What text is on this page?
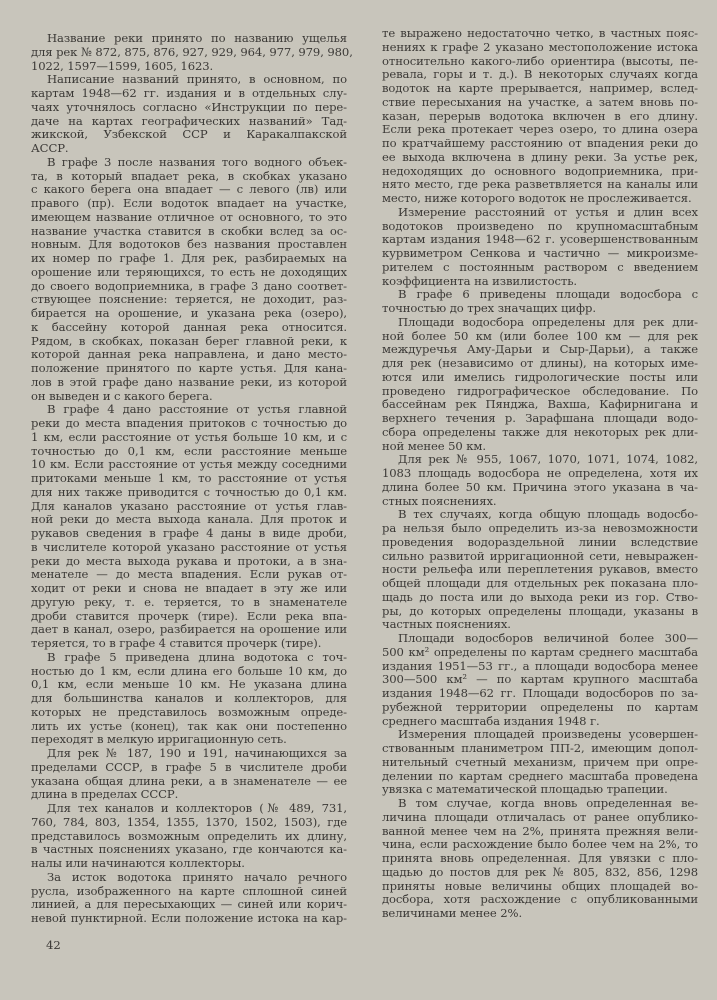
Название реки принято по названию ущелья
для рек № 872, 875, 876, 927, 929, 964, 977, 979, 980,
1022, 1597—1599, 1605, 1623.
Написание названий принято, в основном, по
картам 1948—62 гг. издания и в отдельных слу-
чаях уточнялось согласно «Инструкции по пере-
даче на картах географических названий» Тад-
жикской, Узбекской ССР и Каракалпакской
АССР.
В графе 3 после названия того водного объек-
та, в который впадает река, в скобках указано
с какого берега она впадает — с левого (лв) или
правого (пр). Если водоток впадает на участке,
имеющем название отличное от основного, то это
название участка ставится в скобки вслед за ос-
новным. Для водотоков без названия проставлен
их номер по графе 1. Для рек, разбираемых на
орошение или теряющихся, то есть не доходящих
до своего водоприемника, в графе 3 дано соответ-
ствующее пояснение: теряется, не доходит, раз-
бирается на орошение, и указана река (озеро),
к бассейну которой данная река относится.
Рядом, в скобках, показан берег главной реки, к
которой данная река направлена, и дано место-
положение принятого по карте устья. Для кана-
лов в этой графе дано название реки, из которой
он выведен и с какого берега.
В графе 4 дано расстояние от устья главной
реки до места впадения притоков с точностью до
1 км, если расстояние от устья больше 10 км, и с
точностью до 0,1 км, если расстояние меньше
10 км. Если расстояние от устья между соседними
притоками меньше 1 км, то расстояние от устья
для них также приводится с точностью до 0,1 км.
Для каналов указано расстояние от устья глав-
ной реки до места выхода канала. Для проток и
рукавов сведения в графе 4 даны в виде дроби,
в числителе которой указано расстояние от устья
реки до места выхода рукава и протоки, а в зна-
менателе — до места впадения. Если рукав от-
ходит от реки и снова не впадает в эту же или
другую реку, т. е. теряется, то в знаменателе
дроби ставится прочерк (тире). Если река впа-
дает в канал, озеро, разбирается на орошение или
теряется, то в графе 4 ставится прочерк (тире).
В графе 5 приведена длина водотока с точ-
ностью до 1 км, если длина его больше 10 км, до
0,1 км, если меньше 10 км. Не указана длина
для большинства каналов и коллекторов, для
которых не представилось возможным опреде-
лить их устье (конец), так как они постепенно
переходят в мелкую ирригационную сеть.
Для рек № 187, 190 и 191, начинающихся за
пределами СССР, в графе 5 в числителе дроби
указана общая длина реки, а в знаменателе — ее
длина в пределах СССР.
Для тех каналов и коллекторов (№ 489, 731,
760, 784, 803, 1354, 1355, 1370, 1502, 1503), где
представилось возможным определить их длину,
в частных пояснениях указано, где кончаются ка-
налы или начинаются коллекторы.
За исток водотока принято начало речного
русла, изображенного на карте сплошной синей
линией, а для пересыхающих — синей или корич-
невой пунктирной. Если положение истока на кар-
те выражено недостаточно четко, в частных пояс-
нениях к графе 2 указано местоположение истока
относительно какого-либо ориентира (высоты, пе-
ревала, горы и т. д.). В некоторых случаях когда
водоток на карте прерывается, например, вслед-
ствие пересыхания на участке, а затем вновь по-
казан, перерыв водотока включен в его длину.
Если река протекает через озеро, то длина озера
по кратчайшему расстоянию от впадения реки до
ее выхода включена в длину реки. За устье рек,
недоходящих до основного водоприемника, при-
нято место, где река разветвляется на каналы или
место, ниже которого водоток не прослеживается.
Измерение расстояний от устья и длин всех
водотоков произведено по крупномасштабным
картам издания 1948—62 г. усовершенствованным
курвиметром Сенкова и частично — микроизме-
рителем с постоянным раствором с введением
коэффициента на извилистость.
В графе 6 приведены площади водосбора с
точностью до трех значащих цифр.
Площади водосбора определены для рек дли-
ной более 50 км (или более 100 км — для рек
междуречья Аму-Дарьи и Сыр-Дарьи), а также
для рек (независимо от длины), на которых име-
ются или имелись гидрологические посты или
проведено гидрографическое обследование. По
бассейнам рек Пянджа, Вахша, Кафирнигана и
верхнего течения р. Зарафшана площади водо-
сбора определены также для некоторых рек дли-
ной менее 50 км.
Для рек № 955, 1067, 1070, 1071, 1074, 1082,
1083 площадь водосбора не определена, хотя их
длина более 50 км. Причина этого указана в ча-
стных пояснениях.
В тех случаях, когда общую площадь водосбо-
ра нельзя было определить из-за невозможности
проведения водораздельной линии вследствие
сильно развитой ирригационной сети, невыражен-
ности рельефа или переплетения рукавов, вместо
общей площади для отдельных рек показана пло-
щадь до поста или до выхода реки из гор. Ство-
ры, до которых определены площади, указаны в
частных пояснениях.
Площади водосборов величиной более 300—
500 км² определены по картам среднего масштаба
издания 1951—53 гг., а площади водосбора менее
300—500 км² — по картам крупного масштаба
издания 1948—62 гг. Площади водосборов по за-
рубежной территории определены по картам
среднего масштаба издания 1948 г.
Измерения площадей произведены усовершен-
ствованным планиметром ПП-2, имеющим допол-
нительный счетный механизм, причем при опре-
делении по картам среднего масштаба проведена
увязка с математической площадью трапеции.
В том случае, когда вновь определенная ве-
личина площади отличалась от ранее опублико-
ванной менее чем на 2%, принята прежняя вели-
чина, если расхождение было более чем на 2%, то
принята вновь определенная. Для увязки с пло-
щадью до постов для рек № 805, 832, 856, 1298
приняты новые величины общих площадей во-
досбора, хотя расхождение с опубликованными
величинами менее 2%.
42
